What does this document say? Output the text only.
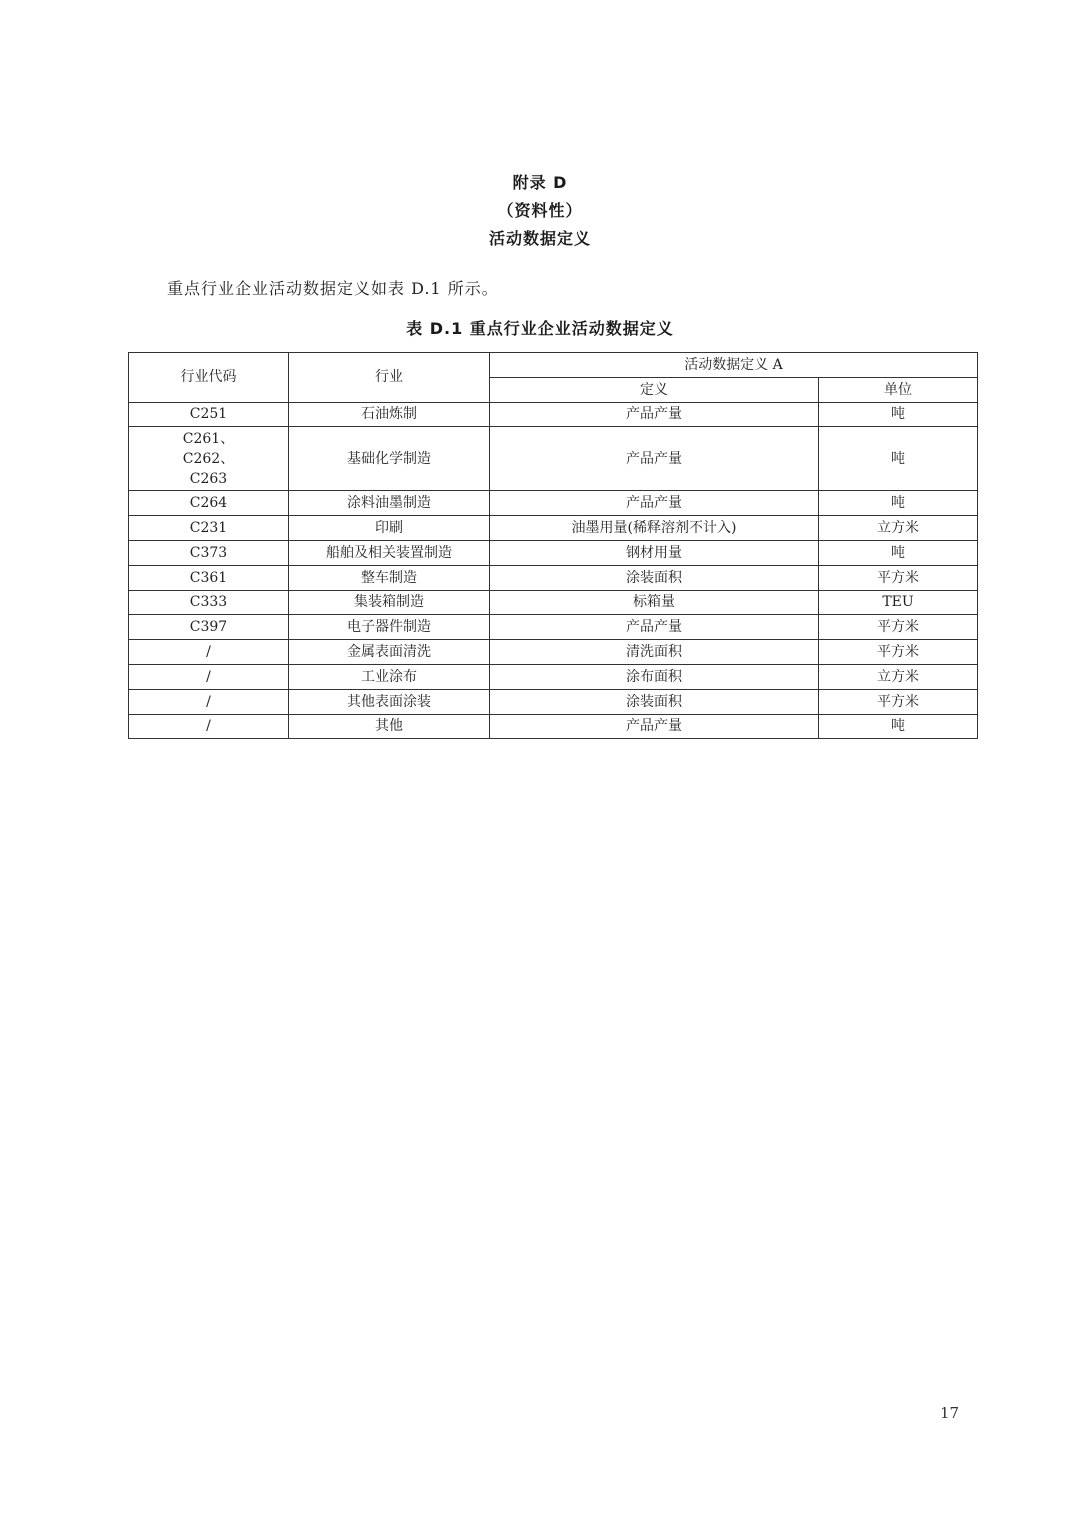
附录 D
（资料性）
活动数据定义
重点行业企业活动数据定义如表 D.1 所示。
表 D.1 重点行业企业活动数据定义
行业代码	行业	活动数据定义 A	
		定义	单位
C251	石油炼制	产品产量	吨
C261、
C262、
C263	基础化学制造	产品产量	吨
C264	涂料油墨制造	产品产量	吨
C231	印刷	油墨用量(稀释溶剂不计入)	立方米
C373	船舶及相关装置制造	钢材用量	吨
C361	整车制造	涂装面积	平方米
C333	集装箱制造	标箱量	TEU
C397	电子器件制造	产品产量	平方米
/	金属表面清洗	清洗面积	平方米
/	工业涂布	涂布面积	立方米
/	其他表面涂装	涂装面积	平方米
/	其他	产品产量	吨
17
